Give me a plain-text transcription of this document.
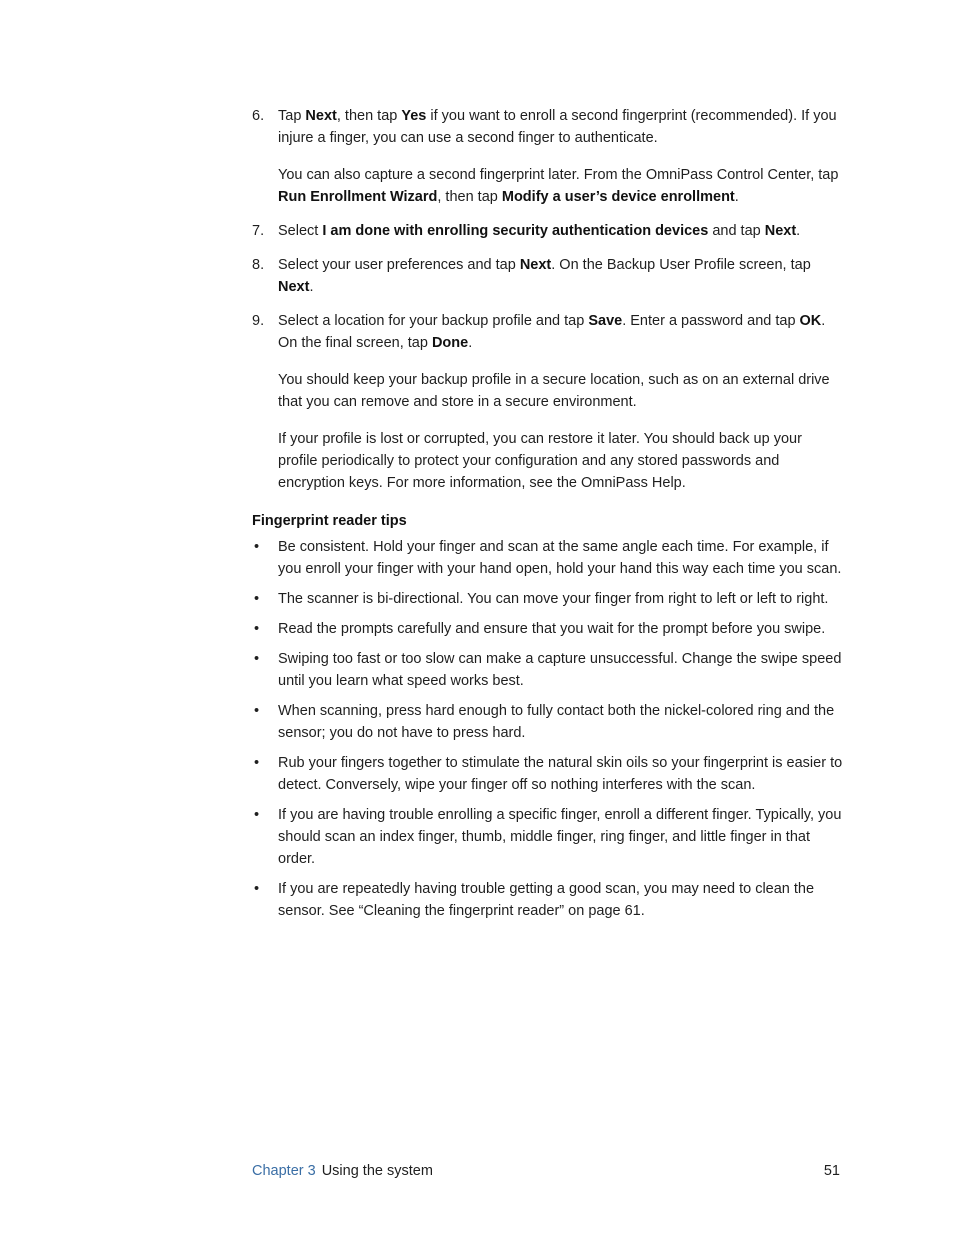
6. Tap Next, then tap Yes if you want to enroll a second fingerprint (recommended). If you injure a finger, you can use a second finger to authenticate.

You can also capture a second fingerprint later. From the OmniPass Control Center, tap Run Enrollment Wizard, then tap Modify a user’s device enrollment.

7. Select I am done with enrolling security authentication devices and tap Next.

8. Select your user preferences and tap Next. On the Backup User Profile screen, tap Next.

9. Select a location for your backup profile and tap Save. Enter a password and tap OK. On the final screen, tap Done.

You should keep your backup profile in a secure location, such as on an external drive that you can remove and store in a secure environment.

If your profile is lost or corrupted, you can restore it later. You should back up your profile periodically to protect your configuration and any stored passwords and encryption keys. For more information, see the OmniPass Help.

Fingerprint reader tips
• Be consistent. Hold your finger and scan at the same angle each time. For example, if you enroll your finger with your hand open, hold your hand this way each time you scan.
• The scanner is bi-directional. You can move your finger from right to left or left to right.
• Read the prompts carefully and ensure that you wait for the prompt before you swipe.
• Swiping too fast or too slow can make a capture unsuccessful. Change the swipe speed until you learn what speed works best.
• When scanning, press hard enough to fully contact both the nickel-colored ring and the sensor; you do not have to press hard.
• Rub your fingers together to stimulate the natural skin oils so your fingerprint is easier to detect. Conversely, wipe your finger off so nothing interferes with the scan.
• If you are having trouble enrolling a specific finger, enroll a different finger. Typically, you should scan an index finger, thumb, middle finger, ring finger, and little finger in that order.
• If you are repeatedly having trouble getting a good scan, you may need to clean the sensor. See “Cleaning the fingerprint reader” on page 61.
Chapter 3 Using the system	51
